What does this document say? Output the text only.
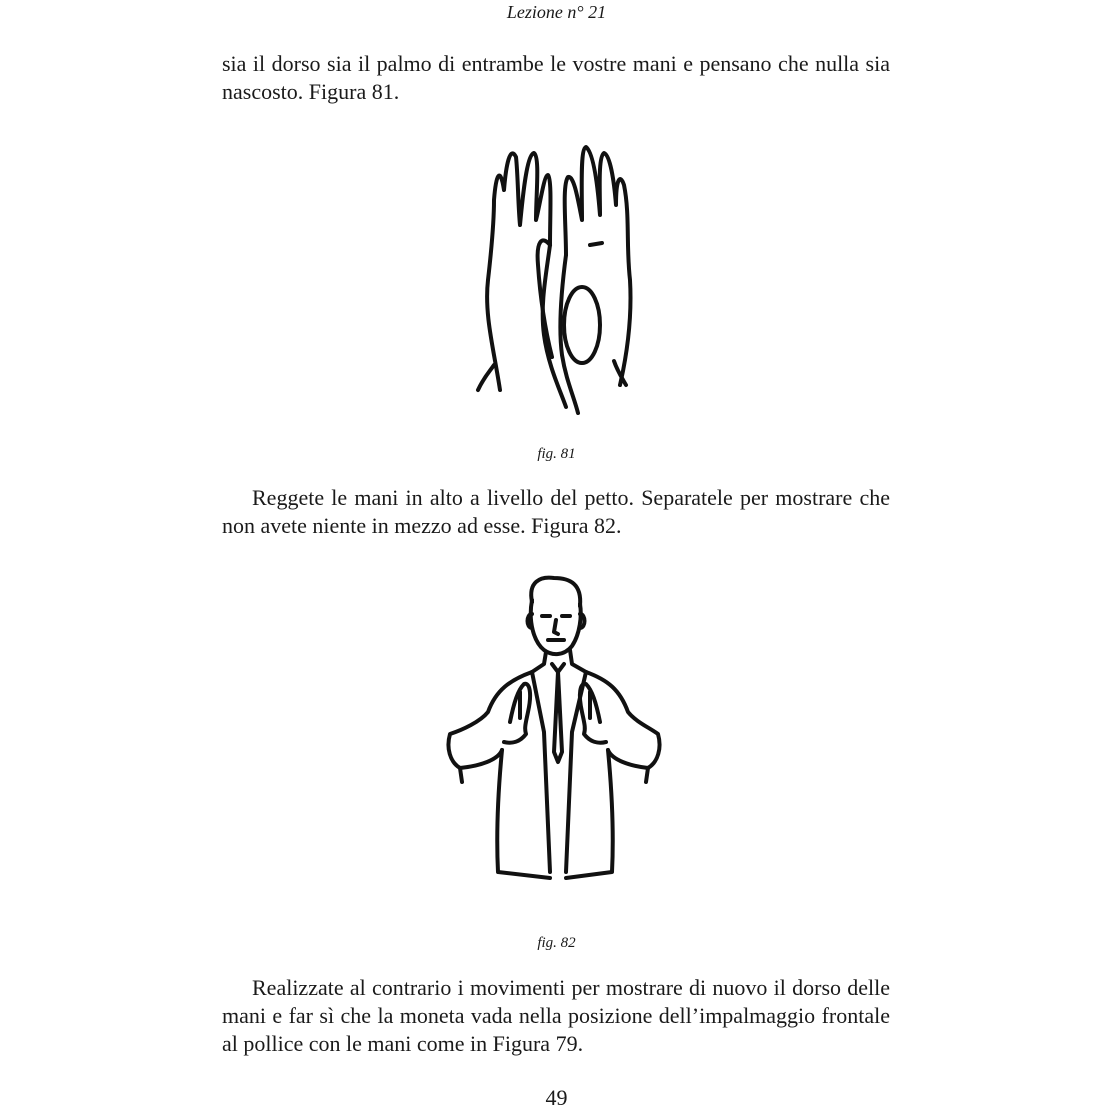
Lezione n° 21

sia il dorso sia il palmo di entrambe le vostre mani e pensano che nulla sia nascosto. Figura 81.

fig. 81

Reggete le mani in alto a livello del petto. Separatele per mostrare che non avete niente in mezzo ad esse. Figura 82.

fig. 82

Realizzate al contrario i movimenti per mostrare di nuovo il dorso delle mani e far sì che la moneta vada nella posizione dell’impalmaggio frontale al pollice con le mani come in Figura 79.

49
